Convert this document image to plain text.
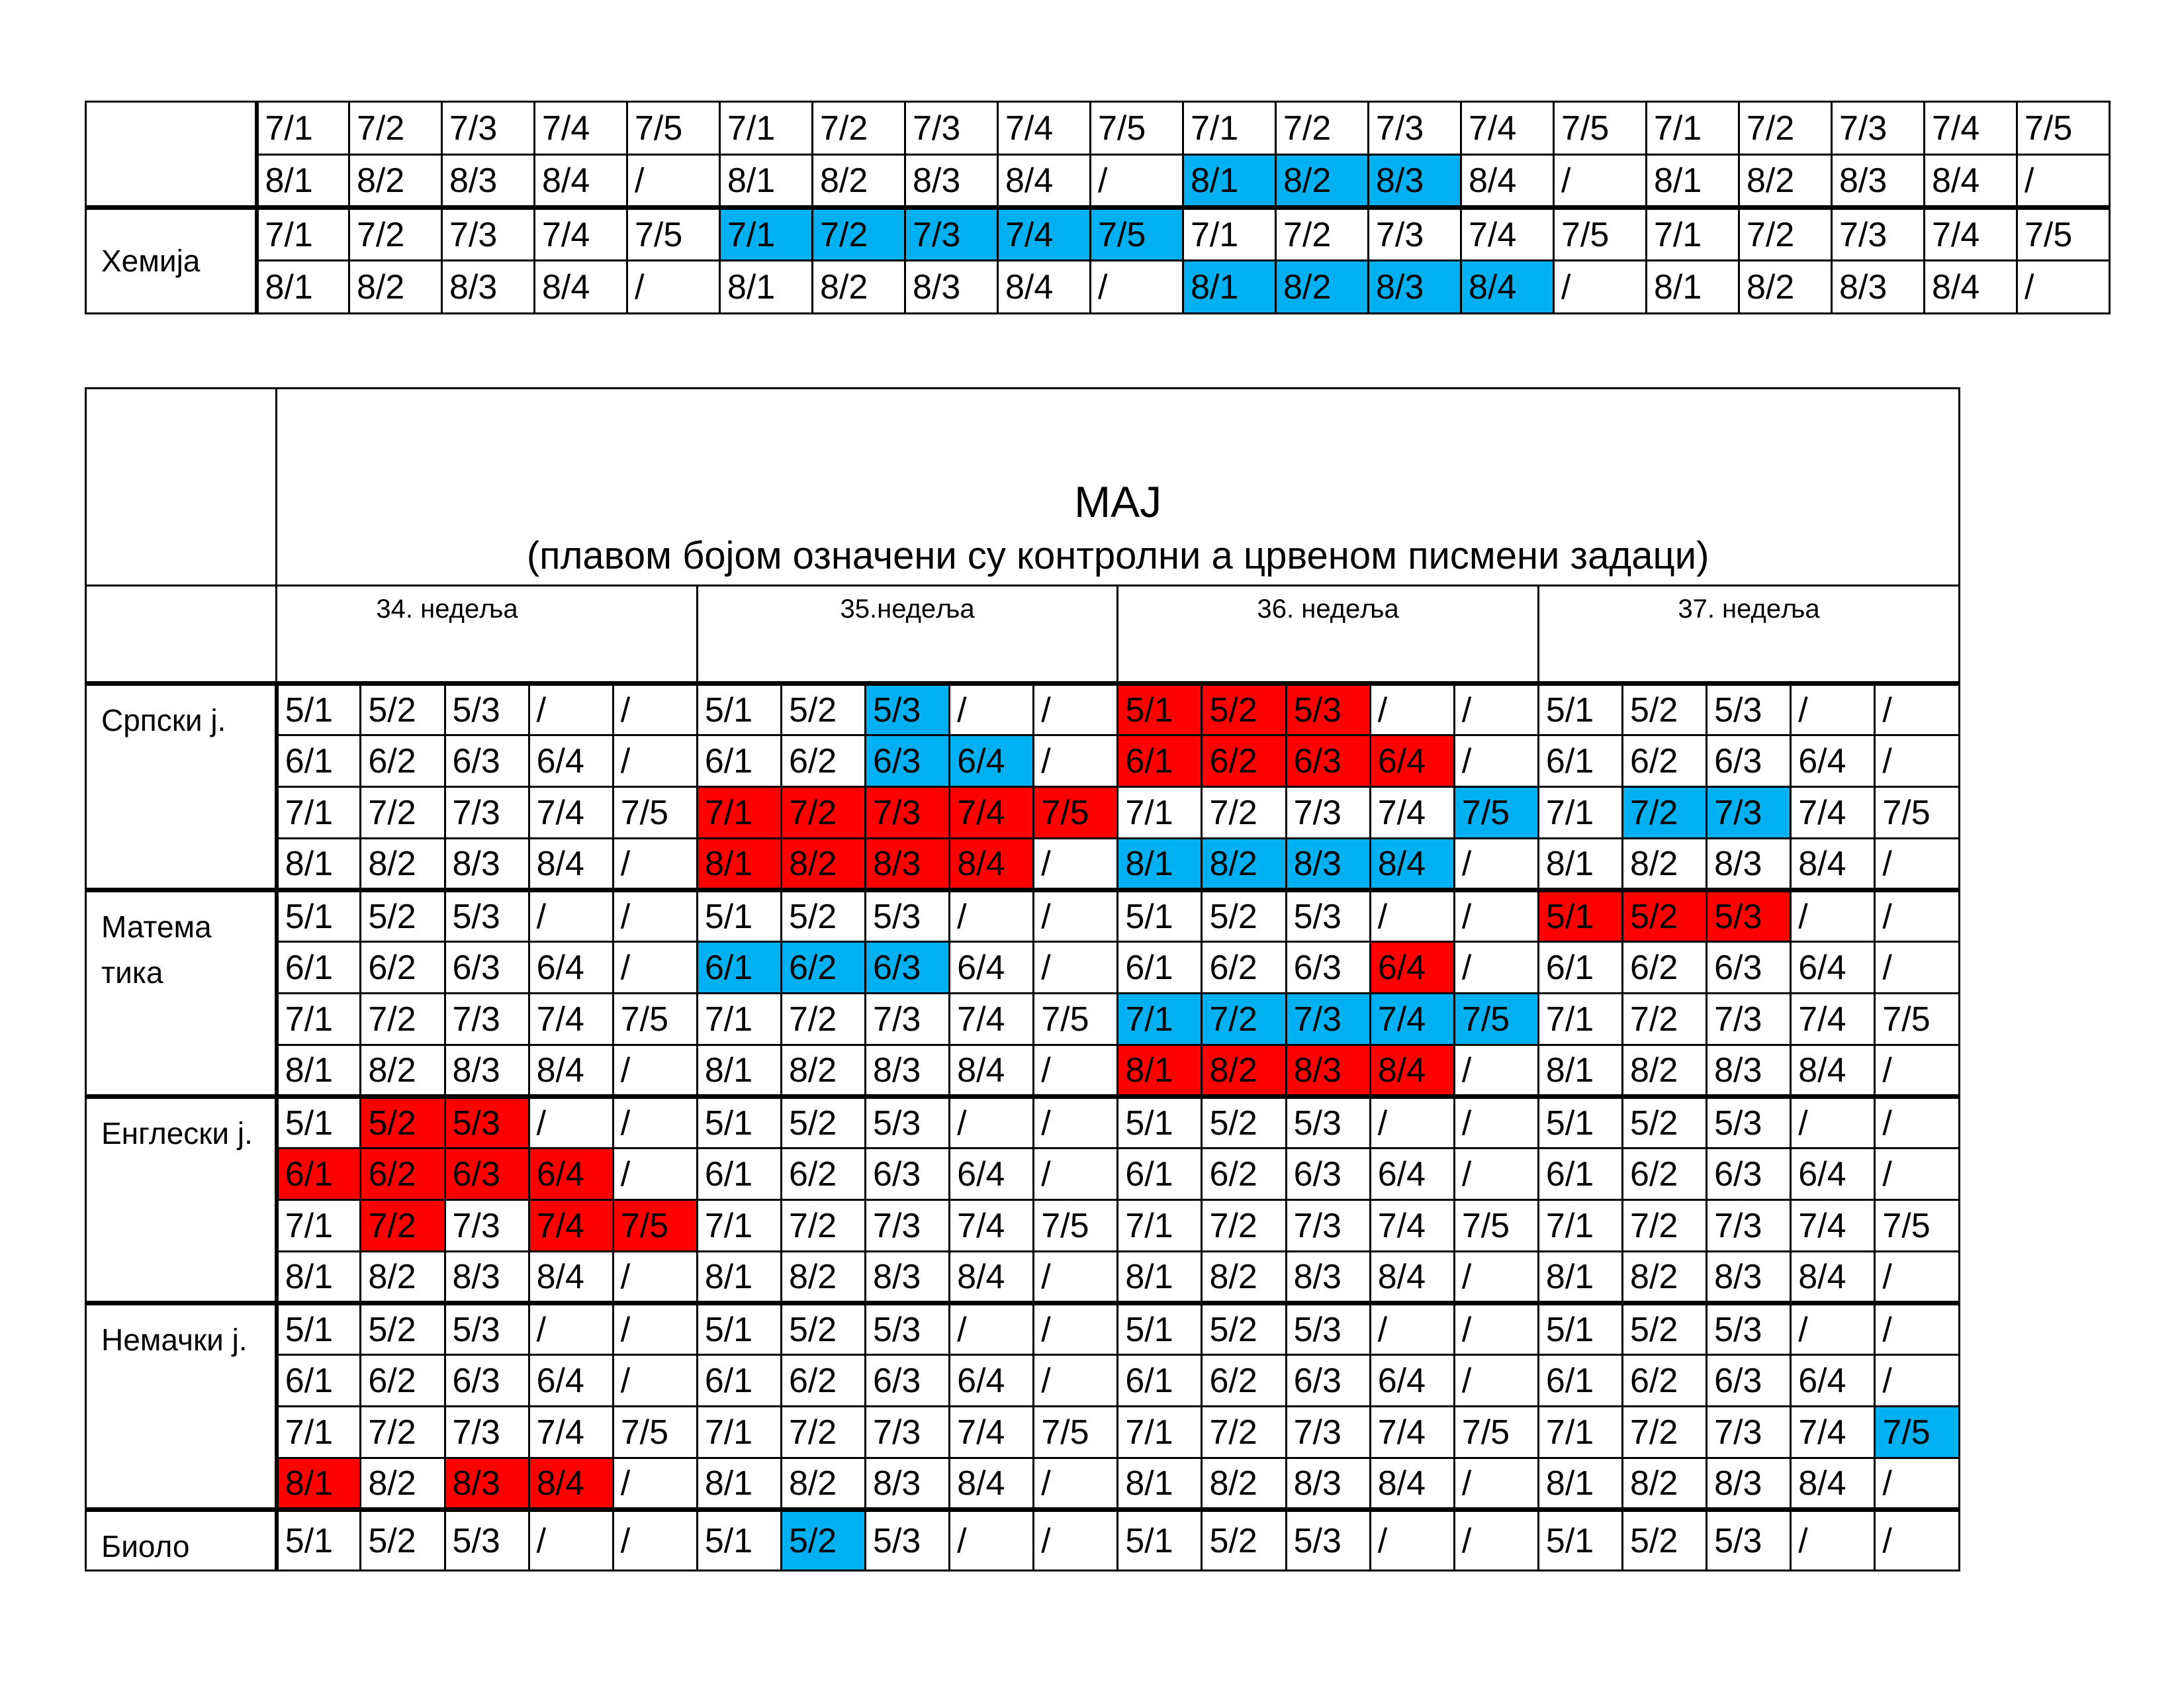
	7/1	7/2	7/3	7/4	7/5	7/1	7/2	7/3	7/4	7/5	7/1	7/2	7/3	7/4	7/5	7/1	7/2	7/3	7/4	7/5
	8/1	8/2	8/3	8/4	/	8/1	8/2	8/3	8/4	/	8/1	8/2	8/3	8/4	/	8/1	8/2	8/3	8/4	/
Хемија	7/1	7/2	7/3	7/4	7/5	7/1	7/2	7/3	7/4	7/5	7/1	7/2	7/3	7/4	7/5	7/1	7/2	7/3	7/4	7/5
	8/1	8/2	8/3	8/4	/	8/1	8/2	8/3	8/4	/	8/1	8/2	8/3	8/4	/	8/1	8/2	8/3	8/4	/
	МАЈ

(плавом бојом означени су контролни а црвеном писмени задаци)																			

	34. недеља					35.недеља					36. недеља					37. недеља				
Српски ј.	5/1	5/2	5/3	/	/	5/1	5/2	5/3	/	/	5/1	5/2	5/3	/	/	5/1	5/2	5/3	/	/
	6/1	6/2	6/3	6/4	/	6/1	6/2	6/3	6/4	/	6/1	6/2	6/3	6/4	/	6/1	6/2	6/3	6/4	/
	7/1	7/2	7/3	7/4	7/5	7/1	7/2	7/3	7/4	7/5	7/1	7/2	7/3	7/4	7/5	7/1	7/2	7/3	7/4	7/5
	8/1	8/2	8/3	8/4	/	8/1	8/2	8/3	8/4	/	8/1	8/2	8/3	8/4	/	8/1	8/2	8/3	8/4	/
Матема тика	5/1	5/2	5/3	/	/	5/1	5/2	5/3	/	/	5/1	5/2	5/3	/	/	5/1	5/2	5/3	/	/
	6/1	6/2	6/3	6/4	/	6/1	6/2	6/3	6/4	/	6/1	6/2	6/3	6/4	/	6/1	6/2	6/3	6/4	/
	7/1	7/2	7/3	7/4	7/5	7/1	7/2	7/3	7/4	7/5	7/1	7/2	7/3	7/4	7/5	7/1	7/2	7/3	7/4	7/5
	8/1	8/2	8/3	8/4	/	8/1	8/2	8/3	8/4	/	8/1	8/2	8/3	8/4	/	8/1	8/2	8/3	8/4	/
Енглески ј.	5/1	5/2	5/3	/	/	5/1	5/2	5/3	/	/	5/1	5/2	5/3	/	/	5/1	5/2	5/3	/	/
	6/1	6/2	6/3	6/4	/	6/1	6/2	6/3	6/4	/	6/1	6/2	6/3	6/4	/	6/1	6/2	6/3	6/4	/
	7/1	7/2	7/3	7/4	7/5	7/1	7/2	7/3	7/4	7/5	7/1	7/2	7/3	7/4	7/5	7/1	7/2	7/3	7/4	7/5
	8/1	8/2	8/3	8/4	/	8/1	8/2	8/3	8/4	/	8/1	8/2	8/3	8/4	/	8/1	8/2	8/3	8/4	/
Немачки ј.	5/1	5/2	5/3	/	/	5/1	5/2	5/3	/	/	5/1	5/2	5/3	/	/	5/1	5/2	5/3	/	/
	6/1	6/2	6/3	6/4	/	6/1	6/2	6/3	6/4	/	6/1	6/2	6/3	6/4	/	6/1	6/2	6/3	6/4	/
	7/1	7/2	7/3	7/4	7/5	7/1	7/2	7/3	7/4	7/5	7/1	7/2	7/3	7/4	7/5	7/1	7/2	7/3	7/4	7/5
	8/1	8/2	8/3	8/4	/	8/1	8/2	8/3	8/4	/	8/1	8/2	8/3	8/4	/	8/1	8/2	8/3	8/4	/
Биоло	5/1	5/2	5/3	/	/	5/1	5/2	5/3	/	/	5/1	5/2	5/3	/	/	5/1	5/2	5/3	/	/
